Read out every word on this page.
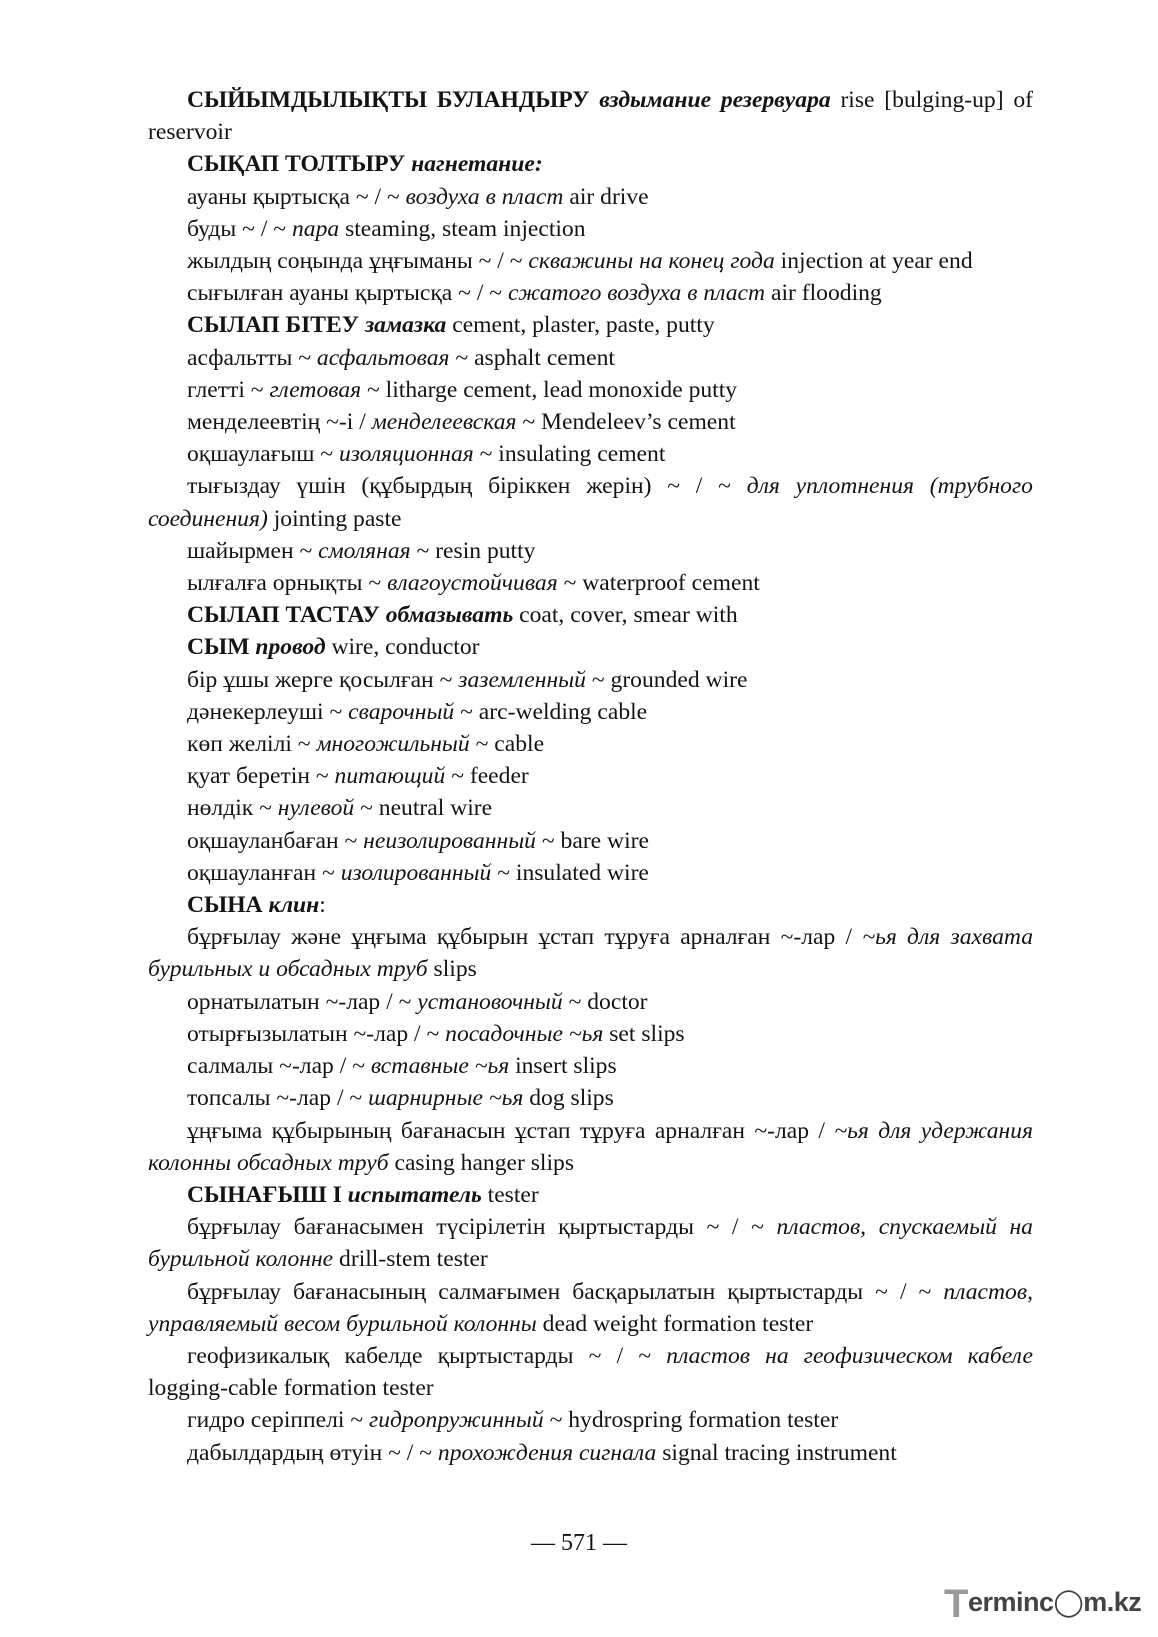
СЫЙЫМДЫЛЫҚТЫ БУЛАНДЫРУ вздымание резервуара rise [bulging-up] of reservoir

СЫҚАП ТОЛТЫРУ нагнетание:

ауаны қыртысқа ~ / ~ воздуха в пласт air drive

буды ~ / ~ пара steaming, steam injection

жылдың соңында ұңғыманы ~ / ~ скважины на конец года injection at year end

сығылған ауаны қыртысқа ~ / ~ сжатого воздуха в пласт air flooding

СЫЛАП БІТЕУ замазка cement, plaster, paste, putty

асфальтты ~ асфальтовая ~ asphalt cement

глетті ~ глетовая ~ litharge cement, lead monoxide putty

менделеевтің ~-і / менделеевская ~ Mendeleev’s cement

оқшаулағыш ~ изоляционная ~ insulating cement

тығыздау үшін (құбырдың біріккен жерін) ~ / ~ для уплотнения (трубного соединения) jointing paste

шайырмен ~ смоляная ~ resin putty

ылғалға орнықты ~ влагоустойчивая ~ waterproof cement

СЫЛАП ТАСТАУ обмазывать coat, cover, smear with

СЫМ провод wire, conductor

бір ұшы жерге қосылған ~ заземленный ~ grounded wire

дәнекерлеуші ~ сварочный ~ arc-welding cable

көп желілі ~ многожильный ~ cable

қуат беретін ~ питающий ~ feeder

нөлдік ~ нулевой ~ neutral wire

оқшауланбаған ~ неизолированный ~ bare wire

оқшауланған ~ изолированный ~ insulated wire

СЫНА клин:

бұрғылау және ұңғыма құбырын ұстап тұруға арналған ~-лар / ~ья для захвата бурильных и обсадных труб slips

орнатылатын ~-лар / ~ установочный ~ doctor

отырғызылатын ~-лар / ~ посадочные ~ья set slips

салмалы ~-лар / ~ вставные ~ья insert slips

топсалы ~-лар / ~ шарнирные ~ья dog slips

ұңғыма құбырының бағанасын ұстап тұруға арналған ~-лар / ~ья для удержания колонны обсадных труб casing hanger slips

СЫНАҒЫШ І испытатель tester

бұрғылау бағанасымен түсірілетін қыртыстарды ~ / ~ пластов, спускаемый на бурильной колонне drill-stem tester

бұрғылау бағанасының салмағымен басқарылатын қыртыстарды ~ / ~ пластов, управляемый весом бурильной колонны dead weight formation tester

геофизикалық кабелде қыртыстарды ~ / ~ пластов на геофизическом кабеле logging-cable formation tester

гидро серіппелі ~ гидропружинный ~ hydrospring formation tester

дабылдардың өтуін ~ / ~ прохождения сигнала signal tracing instrument

— 571 —
Terminc◯m.kz
